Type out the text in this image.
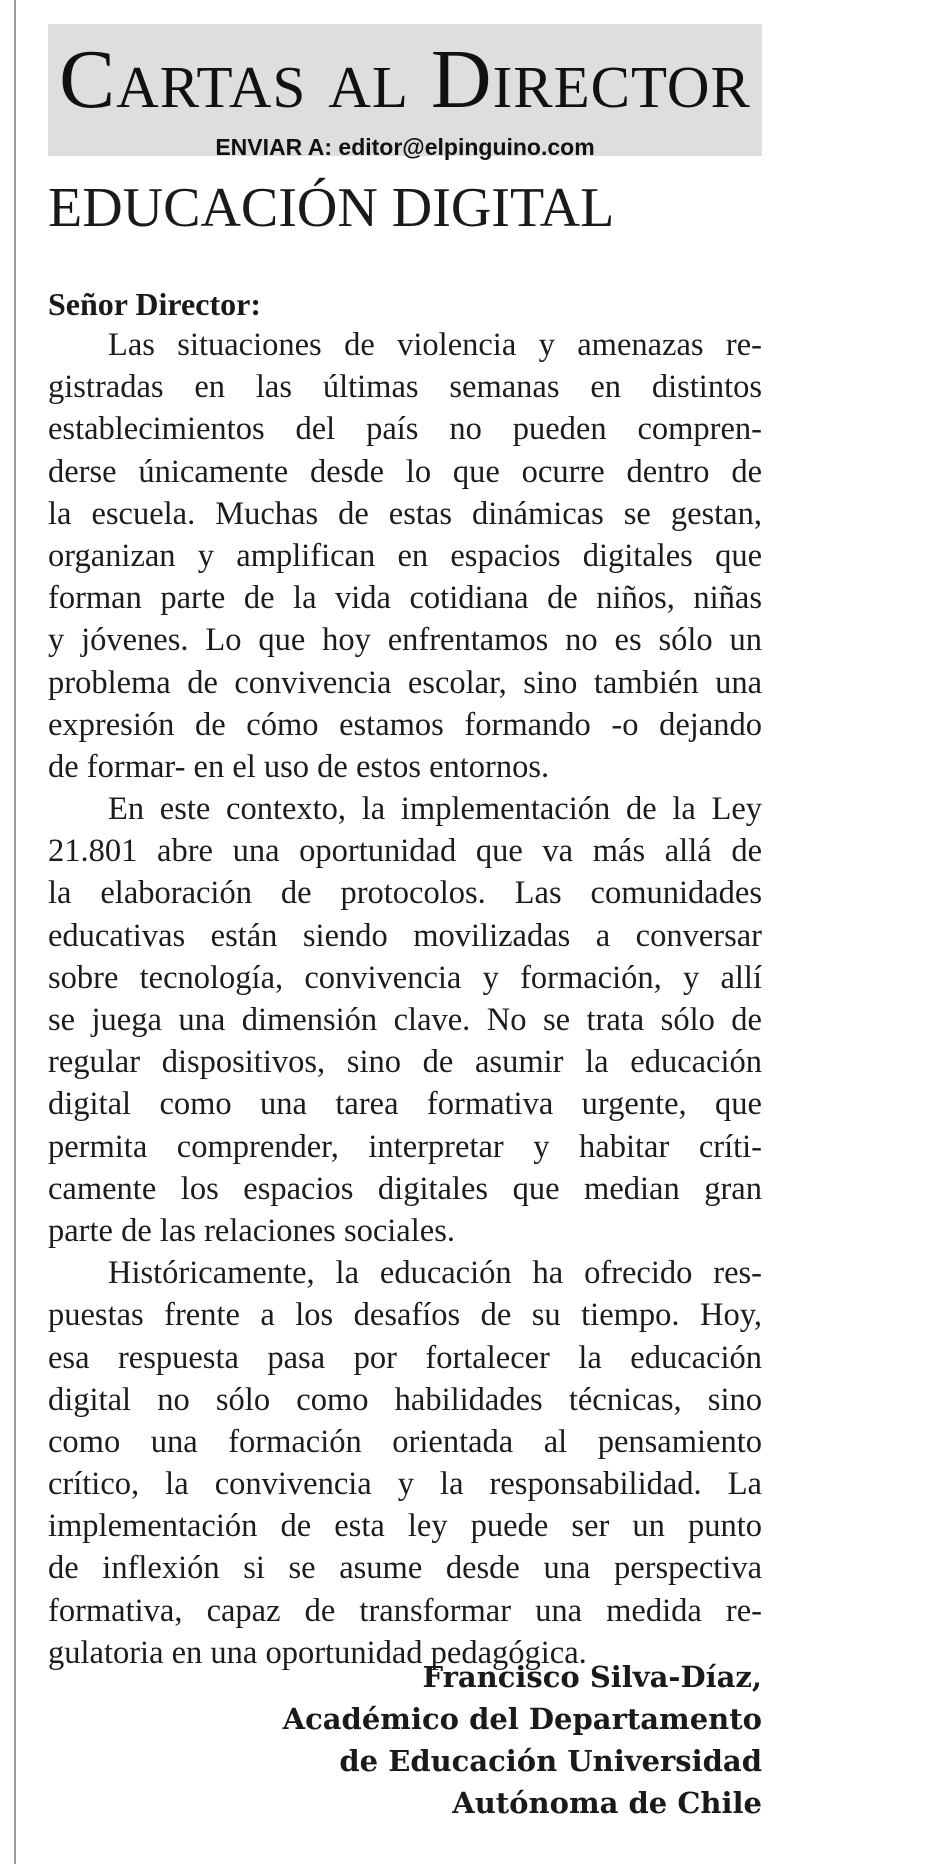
Cartas al Director
ENVIAR A: editor@elpinguino.com
EDUCACIÓN DIGITAL
Señor Director:
Las situaciones de violencia y amenazas re-
gistradas en las últimas semanas en distintos
establecimientos del país no pueden compren-
derse únicamente desde lo que ocurre dentro de
la escuela. Muchas de estas dinámicas se gestan,
organizan y amplifican en espacios digitales que
forman parte de la vida cotidiana de niños, niñas
y jóvenes. Lo que hoy enfrentamos no es sólo un
problema de convivencia escolar, sino también una
expresión de cómo estamos formando -o dejando
de formar- en el uso de estos entornos.
En este contexto, la implementación de la Ley
21.801 abre una oportunidad que va más allá de
la elaboración de protocolos. Las comunidades
educativas están siendo movilizadas a conversar
sobre tecnología, convivencia y formación, y allí
se juega una dimensión clave. No se trata sólo de
regular dispositivos, sino de asumir la educación
digital como una tarea formativa urgente, que
permita comprender, interpretar y habitar críti-
camente los espacios digitales que median gran
parte de las relaciones sociales.
Históricamente, la educación ha ofrecido res-
puestas frente a los desafíos de su tiempo. Hoy,
esa respuesta pasa por fortalecer la educación
digital no sólo como habilidades técnicas, sino
como una formación orientada al pensamiento
crítico, la convivencia y la responsabilidad. La
implementación de esta ley puede ser un punto
de inflexión si se asume desde una perspectiva
formativa, capaz de transformar una medida re-
gulatoria en una oportunidad pedagógica.
Francisco Silva-Díaz,
Académico del Departamento
de Educación Universidad
Autónoma de Chile
